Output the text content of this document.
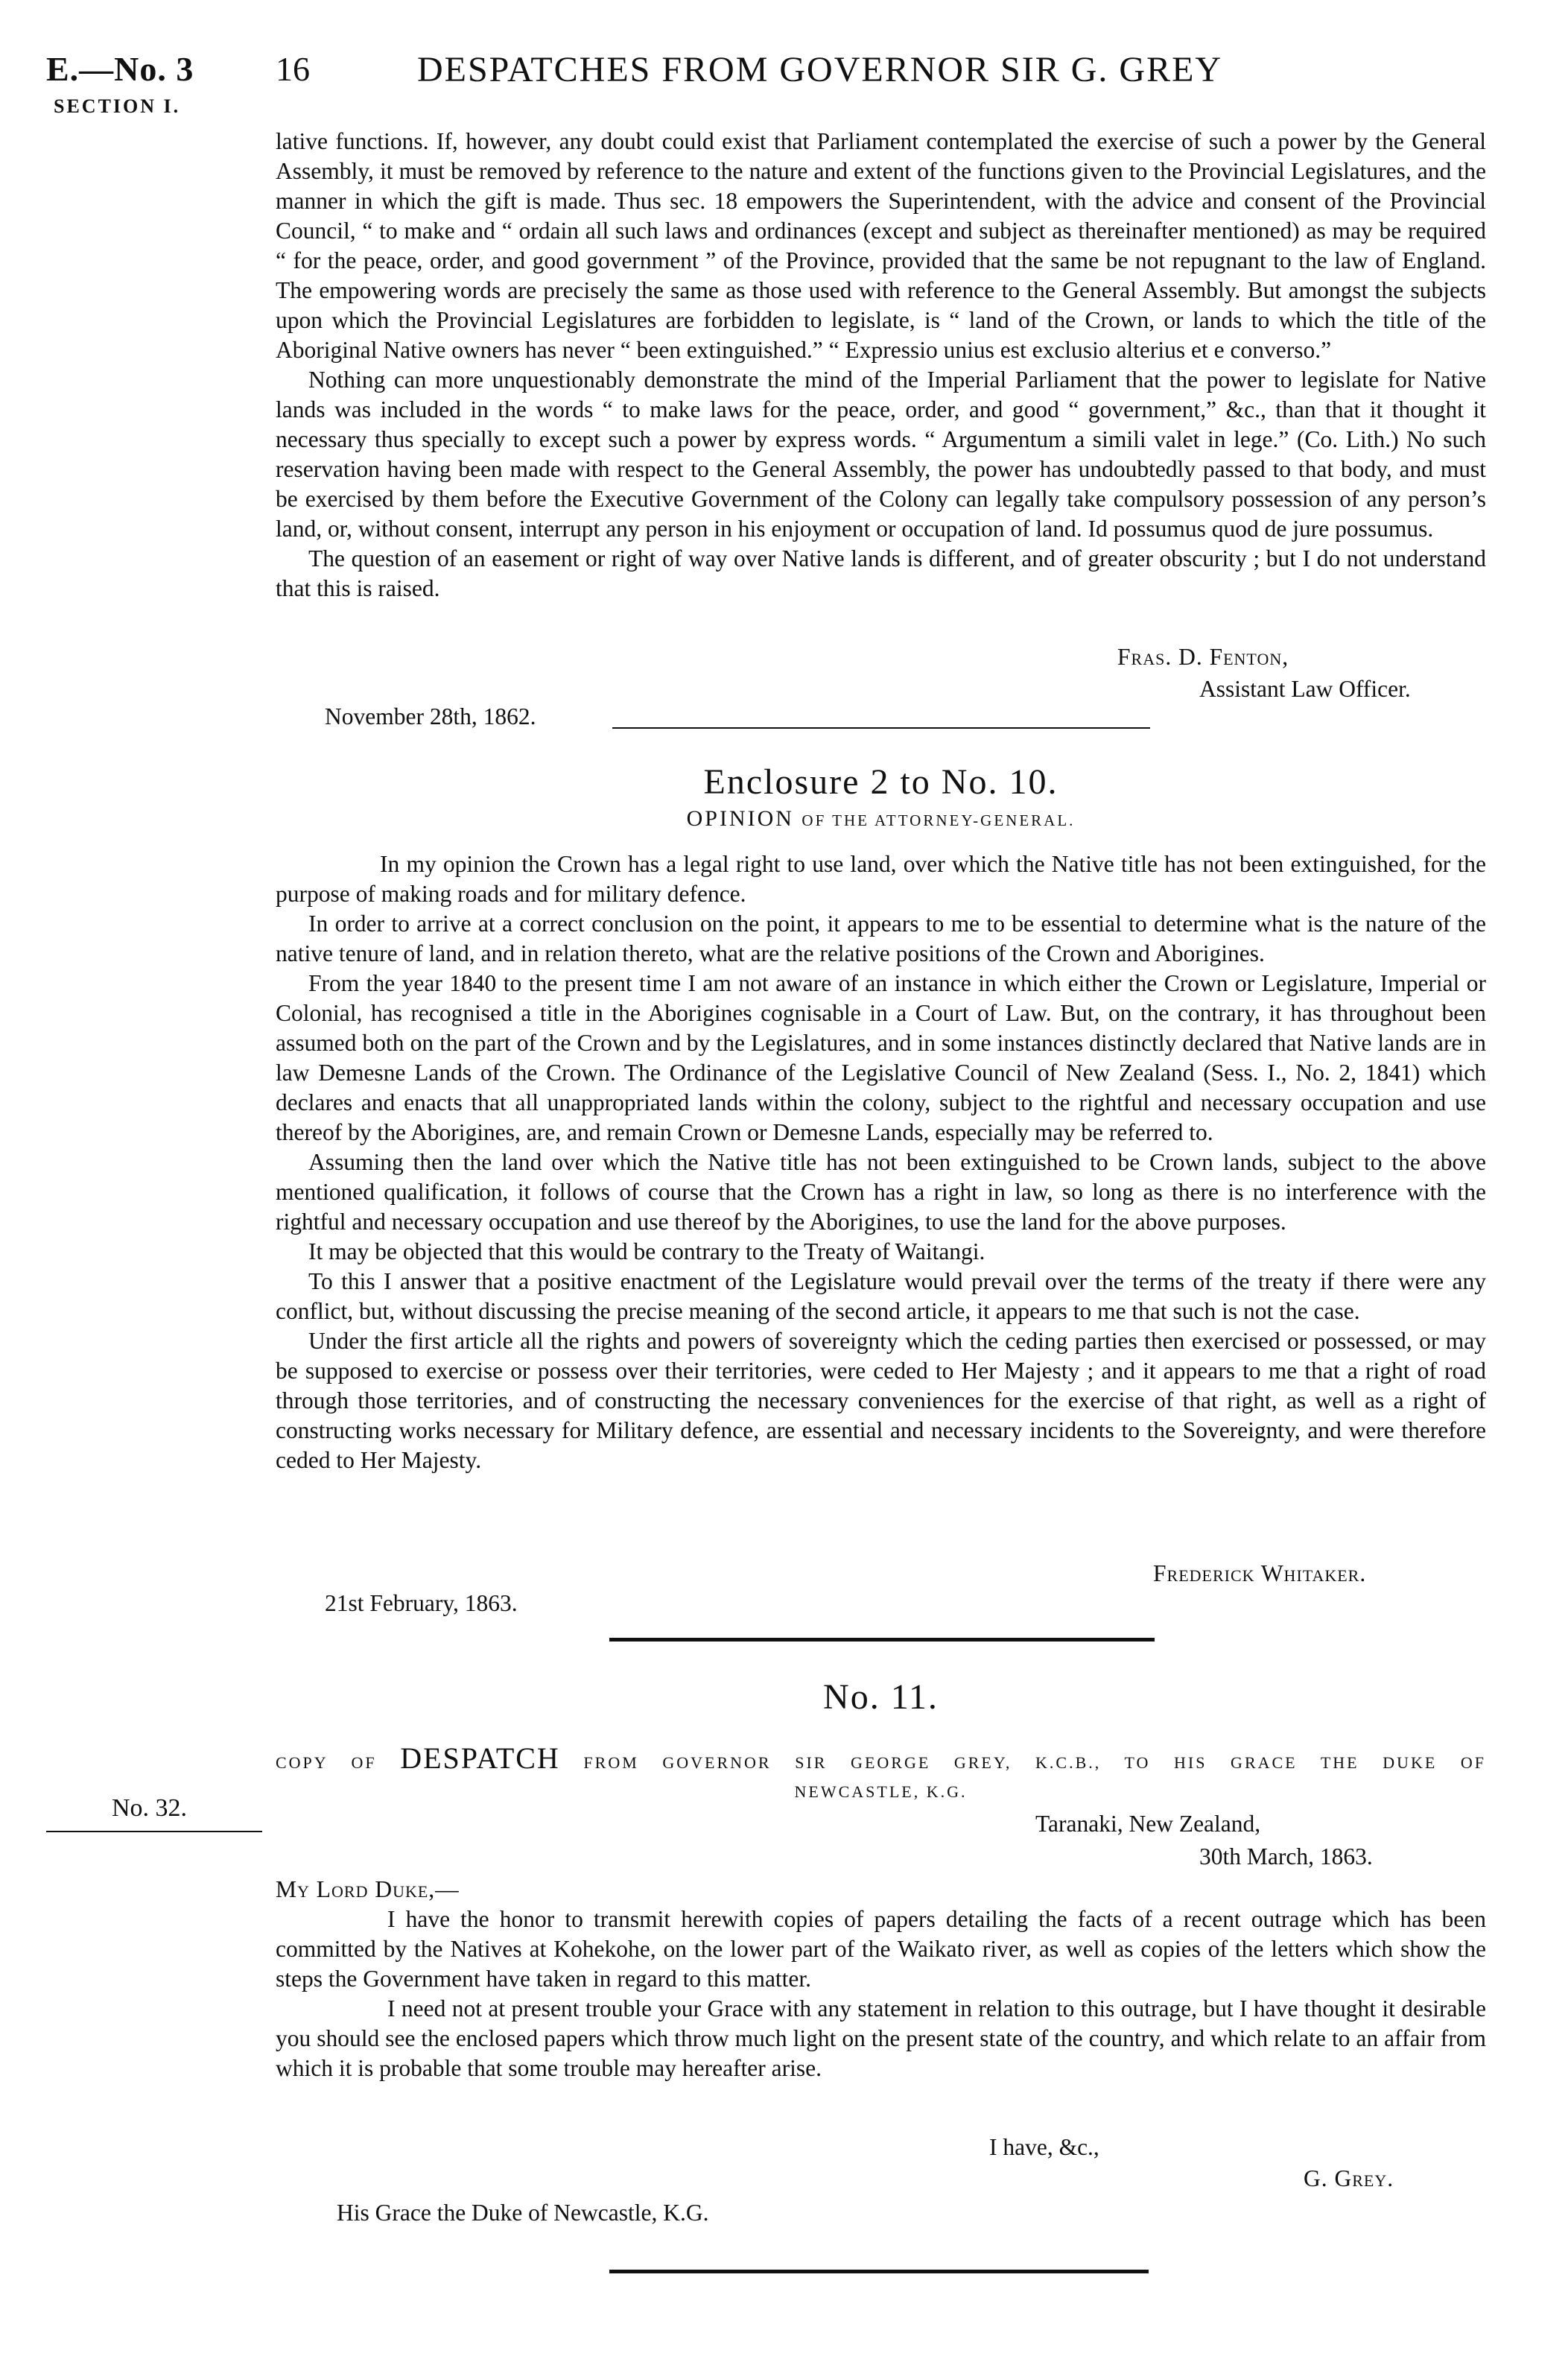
E.—No. 3
SECTION I.
16	DESPATCHES FROM GOVERNOR SIR G. GREY

lative functions. If, however, any doubt could exist that Parliament contemplated the exercise of such a power by the General Assembly, it must be removed by reference to the nature and extent of the functions given to the Provincial Legislatures, and the manner in which the gift is made. Thus sec. 18 empowers the Superintendent, with the advice and consent of the Provincial Council, “ to make and “ ordain all such laws and ordinances (except and subject as thereinafter mentioned) as may be required “ for the peace, order, and good government ” of the Province, provided that the same be not repugnant to the law of England. The empowering words are precisely the same as those used with reference to the General Assembly. But amongst the subjects upon which the Provincial Legislatures are forbidden to legislate, is “ land of the Crown, or lands to which the title of the Aboriginal Native owners has never “ been extinguished.” “ Expressio unius est exclusio alterius et e converso.”

Nothing can more unquestionably demonstrate the mind of the Imperial Parliament that the power to legislate for Native lands was included in the words “ to make laws for the peace, order, and good “ government,” &c., than that it thought it necessary thus specially to except such a power by express words. “ Argumentum a simili valet in lege.” (Co. Lith.) No such reservation having been made with respect to the General Assembly, the power has undoubtedly passed to that body, and must be exercised by them before the Executive Government of the Colony can legally take compulsory possession of any person’s land, or, without consent, interrupt any person in his enjoyment or occupation of land. Id possumus quod de jure possumus.

The question of an easement or right of way over Native lands is different, and of greater obscurity ; but I do not understand that this is raised.

Fras. D. Fenton,
Assistant Law Officer.
November 28th, 1862.
Enclosure 2 to No. 10.
OPINION OF THE ATTORNEY-GENERAL.

In my opinion the Crown has a legal right to use land, over which the Native title has not been extinguished, for the purpose of making roads and for military defence.

In order to arrive at a correct conclusion on the point, it appears to me to be essential to determine what is the nature of the native tenure of land, and in relation thereto, what are the relative positions of the Crown and Aborigines.

From the year 1840 to the present time I am not aware of an instance in which either the Crown or Legislature, Imperial or Colonial, has recognised a title in the Aborigines cognisable in a Court of Law. But, on the contrary, it has throughout been assumed both on the part of the Crown and by the Legislatures, and in some instances distinctly declared that Native lands are in law Demesne Lands of the Crown. The Ordinance of the Legislative Council of New Zealand (Sess. I., No. 2, 1841) which declares and enacts that all unappropriated lands within the colony, subject to the rightful and necessary occupation and use thereof by the Aborigines, are, and remain Crown or Demesne Lands, especially may be referred to.

Assuming then the land over which the Native title has not been extinguished to be Crown lands, subject to the above mentioned qualification, it follows of course that the Crown has a right in law, so long as there is no interference with the rightful and necessary occupation and use thereof by the Aborigines, to use the land for the above purposes.

It may be objected that this would be contrary to the Treaty of Waitangi.

To this I answer that a positive enactment of the Legislature would prevail over the terms of the treaty if there were any conflict, but, without discussing the precise meaning of the second article, it appears to me that such is not the case.

Under the first article all the rights and powers of sovereignty which the ceding parties then exercised or possessed, or may be supposed to exercise or possess over their territories, were ceded to Her Majesty ; and it appears to me that a right of road through those territories, and of constructing the necessary conveniences for the exercise of that right, as well as a right of constructing works necessary for Military defence, are essential and necessary incidents to the Sovereignty, and were therefore ceded to Her Majesty.

Frederick Whitaker.
21st February, 1863.
No. 11.
COPY OF DESPATCH FROM GOVERNOR SIR GEORGE GREY, K.C.B., TO HIS GRACE THE DUKE OF
NEWCASTLE, K.G.
No. 32.
Taranaki, New Zealand,
30th March, 1863.
My Lord Duke,—

I have the honor to transmit herewith copies of papers detailing the facts of a recent outrage which has been committed by the Natives at Kohekohe, on the lower part of the Waikato river, as well as copies of the letters which show the steps the Government have taken in regard to this matter.

I need not at present trouble your Grace with any statement in relation to this outrage, but I have thought it desirable you should see the enclosed papers which throw much light on the present state of the country, and which relate to an affair from which it is probable that some trouble may hereafter arise.

I have, &c.,
G. Grey.
His Grace the Duke of Newcastle, K.G.
